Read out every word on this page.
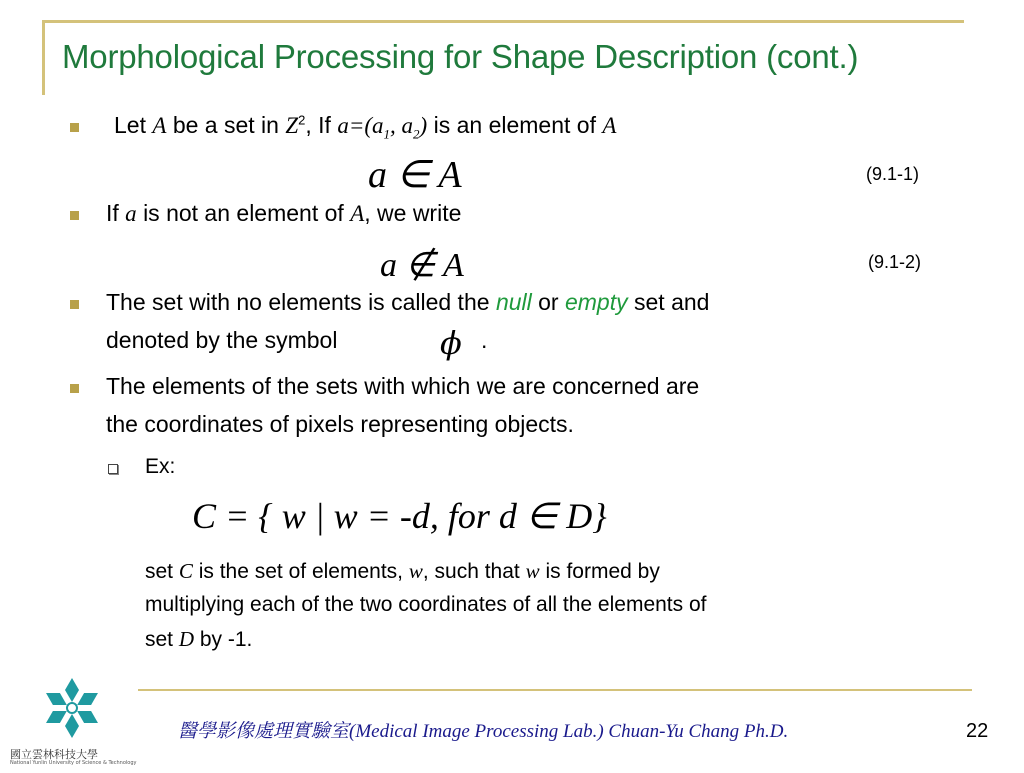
Morphological Processing for Shape Description (cont.)
Let A be a set in $Z^2$, If $a=(a_1$, $a_2$) is an element of A
a ∈ A	(9.1-1)
If a is not an element of A, we write
a ∉ A	(9.1-2)
The set with no elements is called the null or empty set and
denoted by the symbol	ϕ .
The elements of the sets with which we are concerned are
the coordinates of pixels representing objects.
Ex:
C = { w | w = -d, for d ∈ D}
set C is the set of elements, w, such that w is formed by
multiplying each of the two coordinates of all the elements of
set D by -1.
國立雲林科技大學
National Yunlin University of Science & Technology
醫學影像處理實驗室(Medical Image Processing Lab.) Chuan-Yu Chang Ph.D.	22
